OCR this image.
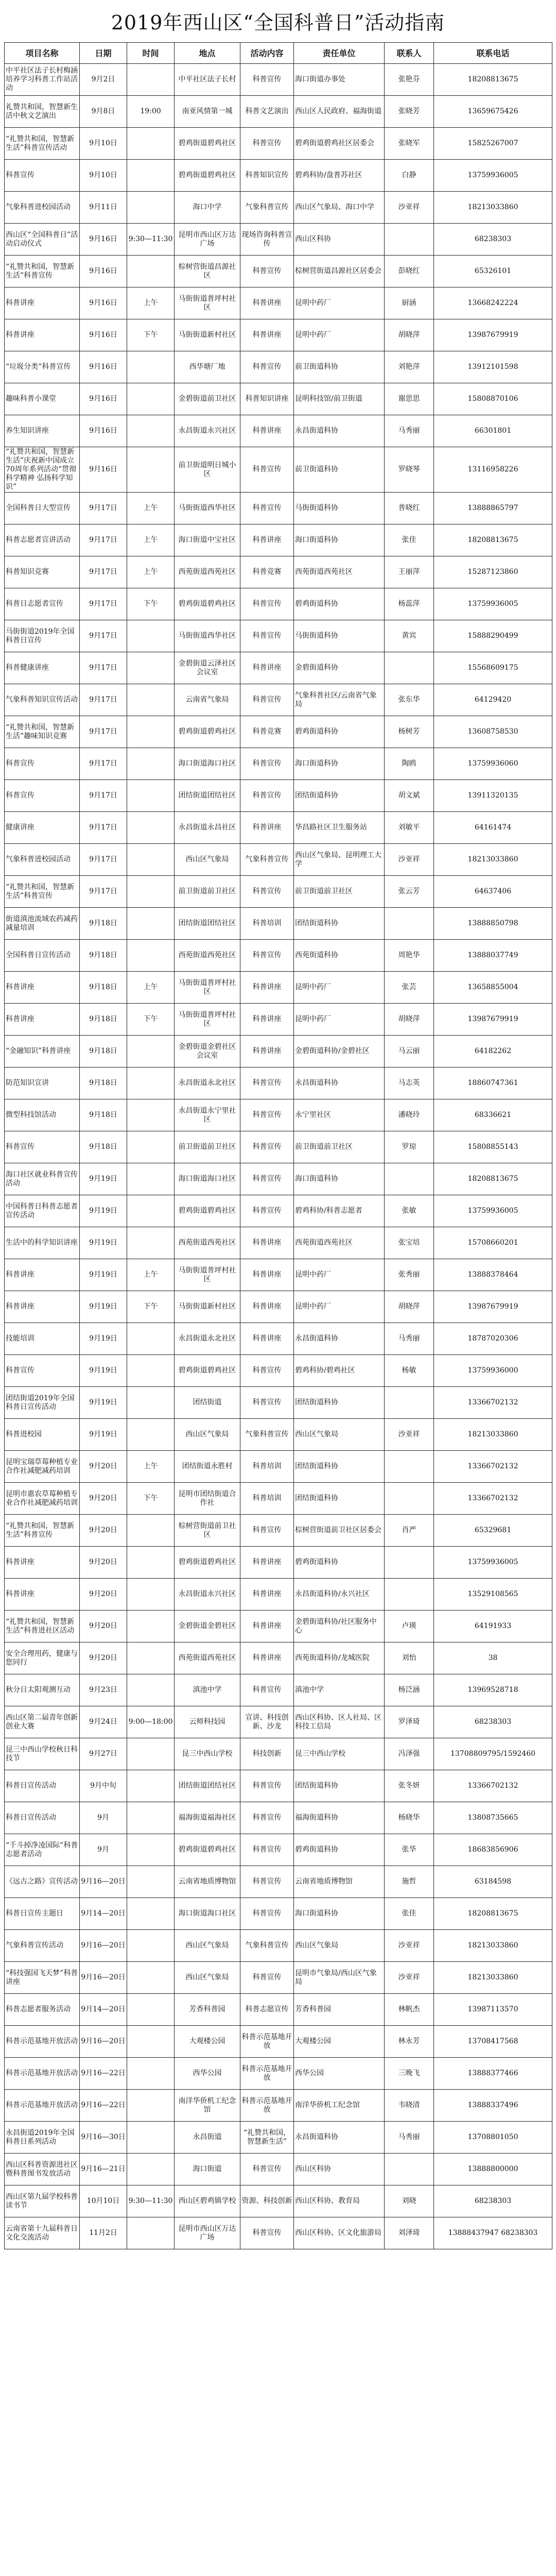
2019年西山区“全国科普日”活动指南
项目名称	日期	时间	地点	活动内容	责任单位	联系人	联系电话
中平社区法子长村梅涵培养学习科普工作站活动	9月2日		中平社区法子长村	科普宣传	海口街道办事处	张艳芬	18208813675
礼赞共和国，智慧新生活中秋文艺演出	9月8日	19:00	南亚风情第一城	科普文艺演出	西山区人民政府、福海街道	张晓芳	13659675426
“礼赞共和国，智慧新生活”科普宣传活动	9月10日		碧鸡街道碧鸡社区	科普宣传	碧鸡街道碧鸡社区居委会	张晓军	15825267007
科普宣传	9月10日		碧鸡街道碧鸡社区	科普知识宣传	碧鸡科协/盘普苏社区	白静	13759936005
气象科普进校园活动	9月11日		海口中学	气象科普宣传	西山区气象局、海口中学	沙亚祥	18213033860
西山区“全国科普日”活动启动仪式	9月16日	9:30—11:30	昆明市西山区万达广场	现场咨询科普宣传	西山区科协		68238303
“礼赞共和国，智慧新生活”科普宣传	9月16日		棕树营街道昌源社区	科普宣传	棕树营街道昌源社区居委会	彭晓红	65326101
科普讲座	9月16日	上午	马街街道普坪村社区	科普讲座	昆明中药厂	厨涵	13668242224
科普讲座	9月16日	下午	马街街道新村社区	科普讲座	昆明中药厂	胡晓萍	13987679919
“垃圾分类”科普宣传	9月16日		西华塘厂地	科普宣传	前卫街道科协	刘艳萍	13912101598
趣味科普小课堂	9月16日		金碧街道前卫社区	科普知识讲座	昆明科技馆/前卫街道	谢思思	15808870106
养生知识讲座	9月16日		永昌街道永兴社区	科普讲座	永昌街道科协	马秀丽	66301801
“礼赞共和国，智慧新生活”庆祝新中国成立70周年系列活动“贯彻科学精神 弘扬科学知识”	9月16日		前卫街道明日城小区	科普宣传	前卫街道科协	罗晓琴	13116958226
全国科普日大型宣传	9月17日	上午	马街街道西华社区	科普宣传	马街街道科协	普晓红	13888865797
科普志愿者宣讲活动	9月17日	上午	海口街道中宝社区	科普讲座	海口街道科协	张佳	18208813675
科普知识竞赛	9月17日	上午	西苑街道西苑社区	科普竞赛	西苑街道西苑社区	王丽萍	15287123860
科普日志愿者宣传	9月17日	下午	碧鸡街道碧鸡社区	科普宣传	碧鸡街道科协	杨蕊萍	13759936005
马街街道2019年全国科普日宣传	9月17日		马街街道西华社区	科普宣传	马街街道科协	黄宾	15888290499
科普健康讲座	9月17日		金碧街道云泽社区会议室	科普讲座	金碧街道科协		15568609175
气象科普知识宣传活动	9月17日		云南省气象局	科普宣传	气象科普社区/云南省气象局	张东华	64129420
“礼赞共和国，智慧新生活”趣味知识竞赛	9月17日		碧鸡街道碧鸡社区	科普竞赛	碧鸡街道科协	杨树芳	13608758530
科普宣传	9月17日		海口街道海口社区	科普宣传	海口街道科协	陶鸥	13759936060
科普宣传	9月17日		团结街道团结社区	科普宣传	团结街道科协	胡文斌	13911320135
健康讲座	9月17日		永昌街道永昌社区	科普讲座	华昌路社区卫生服务站	刘敏平	64161474
气象科普进校园活动	9月17日		西山区气象局	气象科普宣传	西山区气象局、昆明理工大学	沙亚祥	18213033860
“礼赞共和国，智慧新生活”科普宣传	9月17日		前卫街道前卫社区	科普宣传	前卫街道前卫社区	张云芳	64637406
街道滇池流域农药减药减量培训	9月18日		团结街道团结社区	科普培训	团结街道科协		13888850798
全国科普日宣传活动	9月18日		西苑街道西苑社区	科普宣传	西苑街道科协	周艳华	13888037749
科普讲座	9月18日	上午	马街街道普坪村社区	科普讲座	昆明中药厂	张芸	13658855004
科普讲座	9月18日	下午	马街街道普坪村社区	科普讲座	昆明中药厂	胡晓萍	13987679919
“金融知识”科普讲座	9月18日		金碧街道金碧社区会议室	科普讲座	金碧街道科协/金碧社区	马云丽	64182262
防范知识宣讲	9月18日		永昌街道永北社区	科普宣传	永昌街道科协	马志英	18860747361
微型科技馆活动	9月18日		永昌街道永宁里社区	科普宣传	永宁里社区	潘晓玲	68336621
科普宣传	9月18日		前卫街道前卫社区	科普宣传	前卫街道前卫社区	罗琼	15808855143
海口社区就业科普宣传活动	9月19日		海口街道海口社区	科普宣传	海口街道科协		18208813675
中国科普日科普志愿者宣传活动	9月19日		碧鸡街道碧鸡社区	科普宣传	碧鸡科协/科普志愿者	张敏	13759936005
生活中的科学知识讲座	9月19日		西苑街道西苑社区	科普讲座	西苑街道西苑社区	张宝培	15708660201
科普讲座	9月19日	上午	马街街道普坪村社区	科普讲座	昆明中药厂	张秀丽	13888378464
科普讲座	9月19日	下午	马街街道新村社区	科普讲座	昆明中药厂	胡晓萍	13987679919
技能培训	9月19日		永昌街道永北社区	科普讲座	永昌街道科协	马秀丽	18787020306
科普宣传	9月19日		碧鸡街道碧鸡社区	科普宣传	碧鸡科协/碧鸡社区	杨敏	13759936000
团结街道2019年全国科普日宣传活动	9月19日		团结街道	科普宣传	团结街道科协		13366702132
科普进校园	9月19日		西山区气象局	气象科普宣传	西山区气象局	沙亚祥	18213033860
昆明宝瑞草莓种植专业合作社减肥减药培训	9月20日	上午	团结街道永胜村	科普培训	团结街道科协		13366702132
昆明市惠农草莓种植专业合作社减肥减药培训	9月20日	下午	昆明市团结街道合作社	科普培训	团结街道科协		13366702132
“礼赞共和国，智慧新生活”科普宣传	9月20日		棕树营街道前卫社区	科普宣传	棕树营街道前卫社区居委会	肖严	65329681
科普讲座	9月20日		碧鸡街道碧鸡社区	科普讲座	碧鸡街道科协		13759936005
科普讲座	9月20日		永昌街道永兴社区	科普讲座	永昌街道科协/永兴社区		13529108565
“礼赞共和国，智慧新生活”科普进社区活动	9月20日		金碧街道金碧社区	科普讲座	金碧街道科协/社区服务中心	卢瑛	64191933
安全合理用药，健康与您同行	9月20日		西苑街道西苑社区	科普讲座	西苑街道科协/龙城医院	刘怡	38
秋分日太阳观测互动	9月23日		滇池中学	科普宣传	滇池中学	杨泛涵	13969528718
西山区第二届青年创新创业大赛	9月24日	9:00—18:00	云师科技园	宣讲、科技创新、沙龙	西山区科协、区人社局、区科技工信局	罗泽琦	68238303
昆三中西山学校秋日科技节	9月27日		昆三中西山学校	科技创新	昆三中西山学校	冯泽强	13708809795/1592460
科普日宣传活动	9月中旬		团结街道团结社区	科普宣传	团结街道科协	张冬妍	13366702132
科普日宣传活动	9月		福海街道福海社区	科普宣传	福海街道科协	杨晓华	13808735665
“千斗掉净凌国际”科普志愿者活动	9月		碧鸡街道碧鸡社区	科普宣传	碧鸡街道科协	张华	18683856906
《远古之路》宣传活动	9月16—20日		云南省地质博物馆	科普宣传	云南省地质博物馆	施哲	63184598
科普日宣传主题日	9月14—20日		海口街道海口社区	科普宣传	海口街道科协	张佳	18208813675
气象科普宣传活动	9月16—20日		西山区气象局	气象科普宣传	西山区气象局	沙亚祥	18213033860
“科技强国飞天梦”科普讲座	9月16—20日		西山区气象局	科普宣传	昆明市气象局/西山区气象局	沙亚祥	18213033860
科普志愿者服务活动	9月14—20日		芳香科普园	科普志愿宣传	芳香科普园	林帆杰	13987113570
科普示范基地开放活动	9月16—20日		大观楼公园	科普示范基地开放	大观楼公园	林永芳	13708417568
科普示范基地开放活动	9月16—22日		西华公园	科普示范基地开放	西华公园	三晚飞	13888377466
科普示范基地开放活动	9月16—22日		南洋华侨机工纪念馆	科普示范基地开放	南洋华侨机工纪念馆	韦晓清	13888337496
永昌街道2019年全国科普日系列活动	9月16—30日		永昌街道	“礼赞共和国，智慧新生活”	永昌街道科协	马秀丽	13708801050
西山区科普资源进社区暨科普图书发放活动	9月16—21日		海口街道	科普宣传	西山区科协		13888800000
西山区第九届学校科普读书节	10月10日	9:30—11:30	西山区碧鸡镇学校	资源、科技创新	西山区科协、教育局	刘晓	68238303
云南省第十九届科普日文化交流活动	11月2日		昆明市西山区万达广场	科普宣传	西山区科协、区文化旅游局	刘泽琦	13888437947 68238303
